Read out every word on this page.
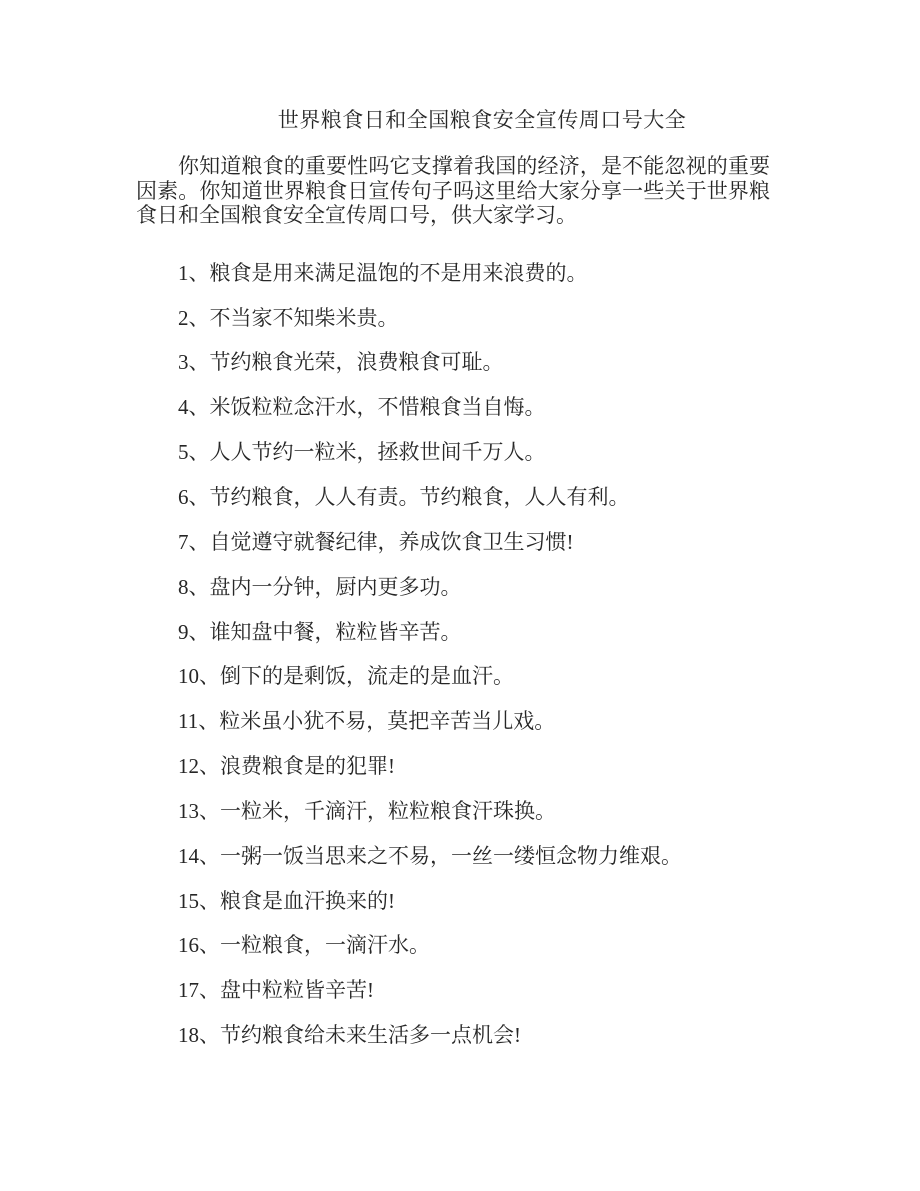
世界粮食日和全国粮食安全宣传周口号大全

你知道粮食的重要性吗它支撑着我国的经济，是不能忽视的重要因素。你知道世界粮食日宣传句子吗这里给大家分享一些关于世界粮食日和全国粮食安全宣传周口号，供大家学习。

1、粮食是用来满足温饱的不是用来浪费的。

2、不当家不知柴米贵。

3、节约粮食光荣，浪费粮食可耻。

4、米饭粒粒念汗水，不惜粮食当自悔。

5、人人节约一粒米，拯救世间千万人。

6、节约粮食，人人有责。节约粮食，人人有利。

7、自觉遵守就餐纪律，养成饮食卫生习惯!

8、盘内一分钟，厨内更多功。

9、谁知盘中餐，粒粒皆辛苦。

10、倒下的是剩饭，流走的是血汗。

11、粒米虽小犹不易，莫把辛苦当儿戏。

12、浪费粮食是的犯罪!

13、一粒米，千滴汗，粒粒粮食汗珠换。

14、一粥一饭当思来之不易，一丝一缕恒念物力维艰。

15、粮食是血汗换来的!

16、一粒粮食，一滴汗水。

17、盘中粒粒皆辛苦!

18、节约粮食给未来生活多一点机会!
